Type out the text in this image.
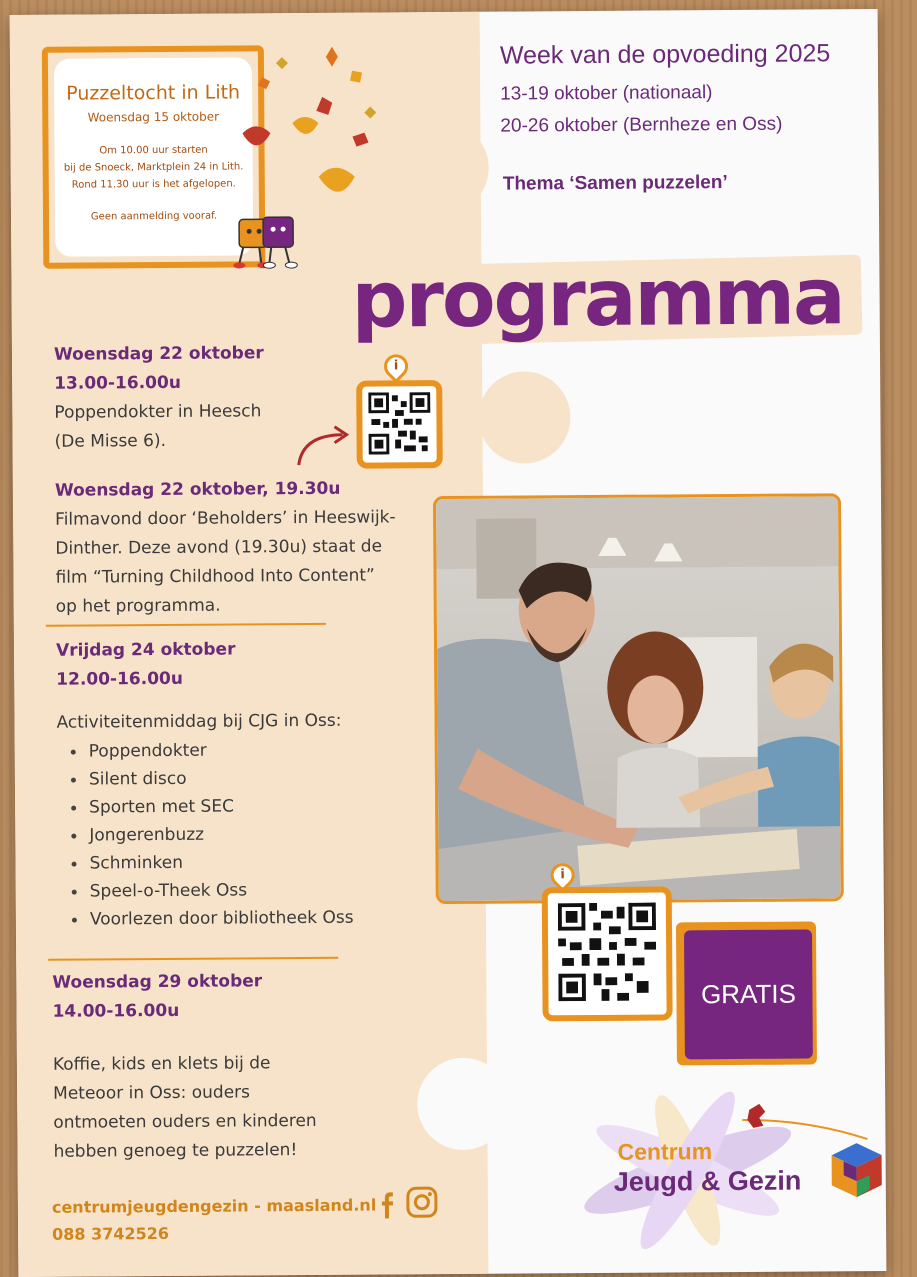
Puzzeltocht in Lith
Woensdag 15 oktober
Om 10.00 uur starten
bij de Snoeck, Marktplein 24 in Lith.
Rond 11.30 uur is het afgelopen.
Geen aanmelding vooraf.
Week van de opvoeding 2025
13-19 oktober (nationaal)
20-26 oktober (Bernheze en Oss)
Thema ‘Samen puzzelen’
programma
Woensdag 22 oktober
13.00-16.00u
Poppendokter in Heesch
(De Misse 6).
i
Woensdag 22 oktober, 19.30u
Filmavond door ‘Beholders’ in Heeswijk-
Dinther. Deze avond (19.30u) staat de
film “Turning Childhood Into Content”
op het programma.
Vrijdag 24 oktober
12.00-16.00u
Activiteitenmiddag bij CJG in Oss:
Poppendokter
Silent disco
Sporten met SEC
Jongerenbuzz
Schminken
Speel-o-Theek Oss
Voorlezen door bibliotheek Oss
Woensdag 29 oktober
14.00-16.00u
Koffie, kids en klets bij de
Meteoor in Oss: ouders
ontmoeten ouders en kinderen
hebben genoeg te puzzelen!
i
GRATIS
centrumjeugdengezin - maasland.nl
088 3742526
Centrum
Jeugd & Gezin
